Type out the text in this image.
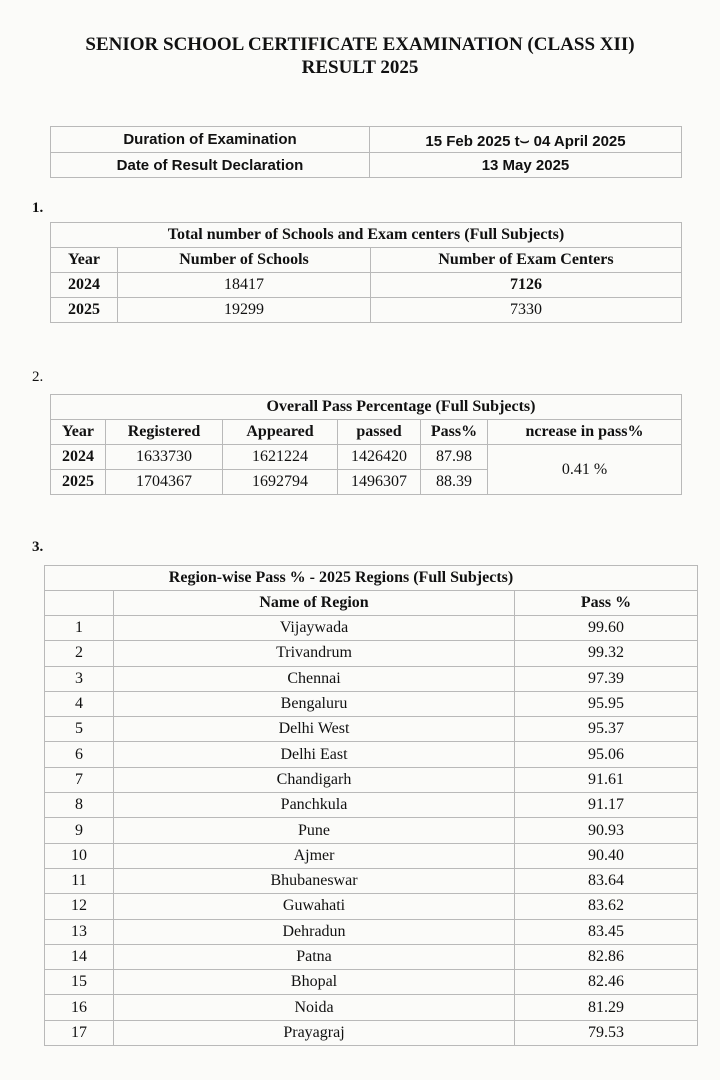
SENIOR SCHOOL CERTIFICATE EXAMINATION (CLASS XII)
RESULT 2025
Duration of Examination	15 Feb 2025 t⌣ 04 April 2025
Date of Result Declaration	13 May 2025
1.
Total number of Schools and Exam centers (Full Subjects)		
Year	Number of Schools	Number of Exam Centers
2024	18417	7126
2025	19299	7330
2.
Overall Pass Percentage (Full Subjects)					
Year	Registered	Appeared	passed	Pass%	ncrease in pass%
2024	1633730	1621224	1426420	87.98	0.41 %
2025	1704367	1692794	1496307	88.39	
3.
Region-wise Pass % - 2025 Regions (Full Subjects)		
	Name of Region	Pass %
1	Vijaywada	99.60
2	Trivandrum	99.32
3	Chennai	97.39
4	Bengaluru	95.95
5	Delhi West	95.37
6	Delhi East	95.06
7	Chandigarh	91.61
8	Panchkula	91.17
9	Pune	90.93
10	Ajmer	90.40
11	Bhubaneswar	83.64
12	Guwahati	83.62
13	Dehradun	83.45
14	Patna	82.86
15	Bhopal	82.46
16	Noida	81.29
17	Prayagraj	79.53
